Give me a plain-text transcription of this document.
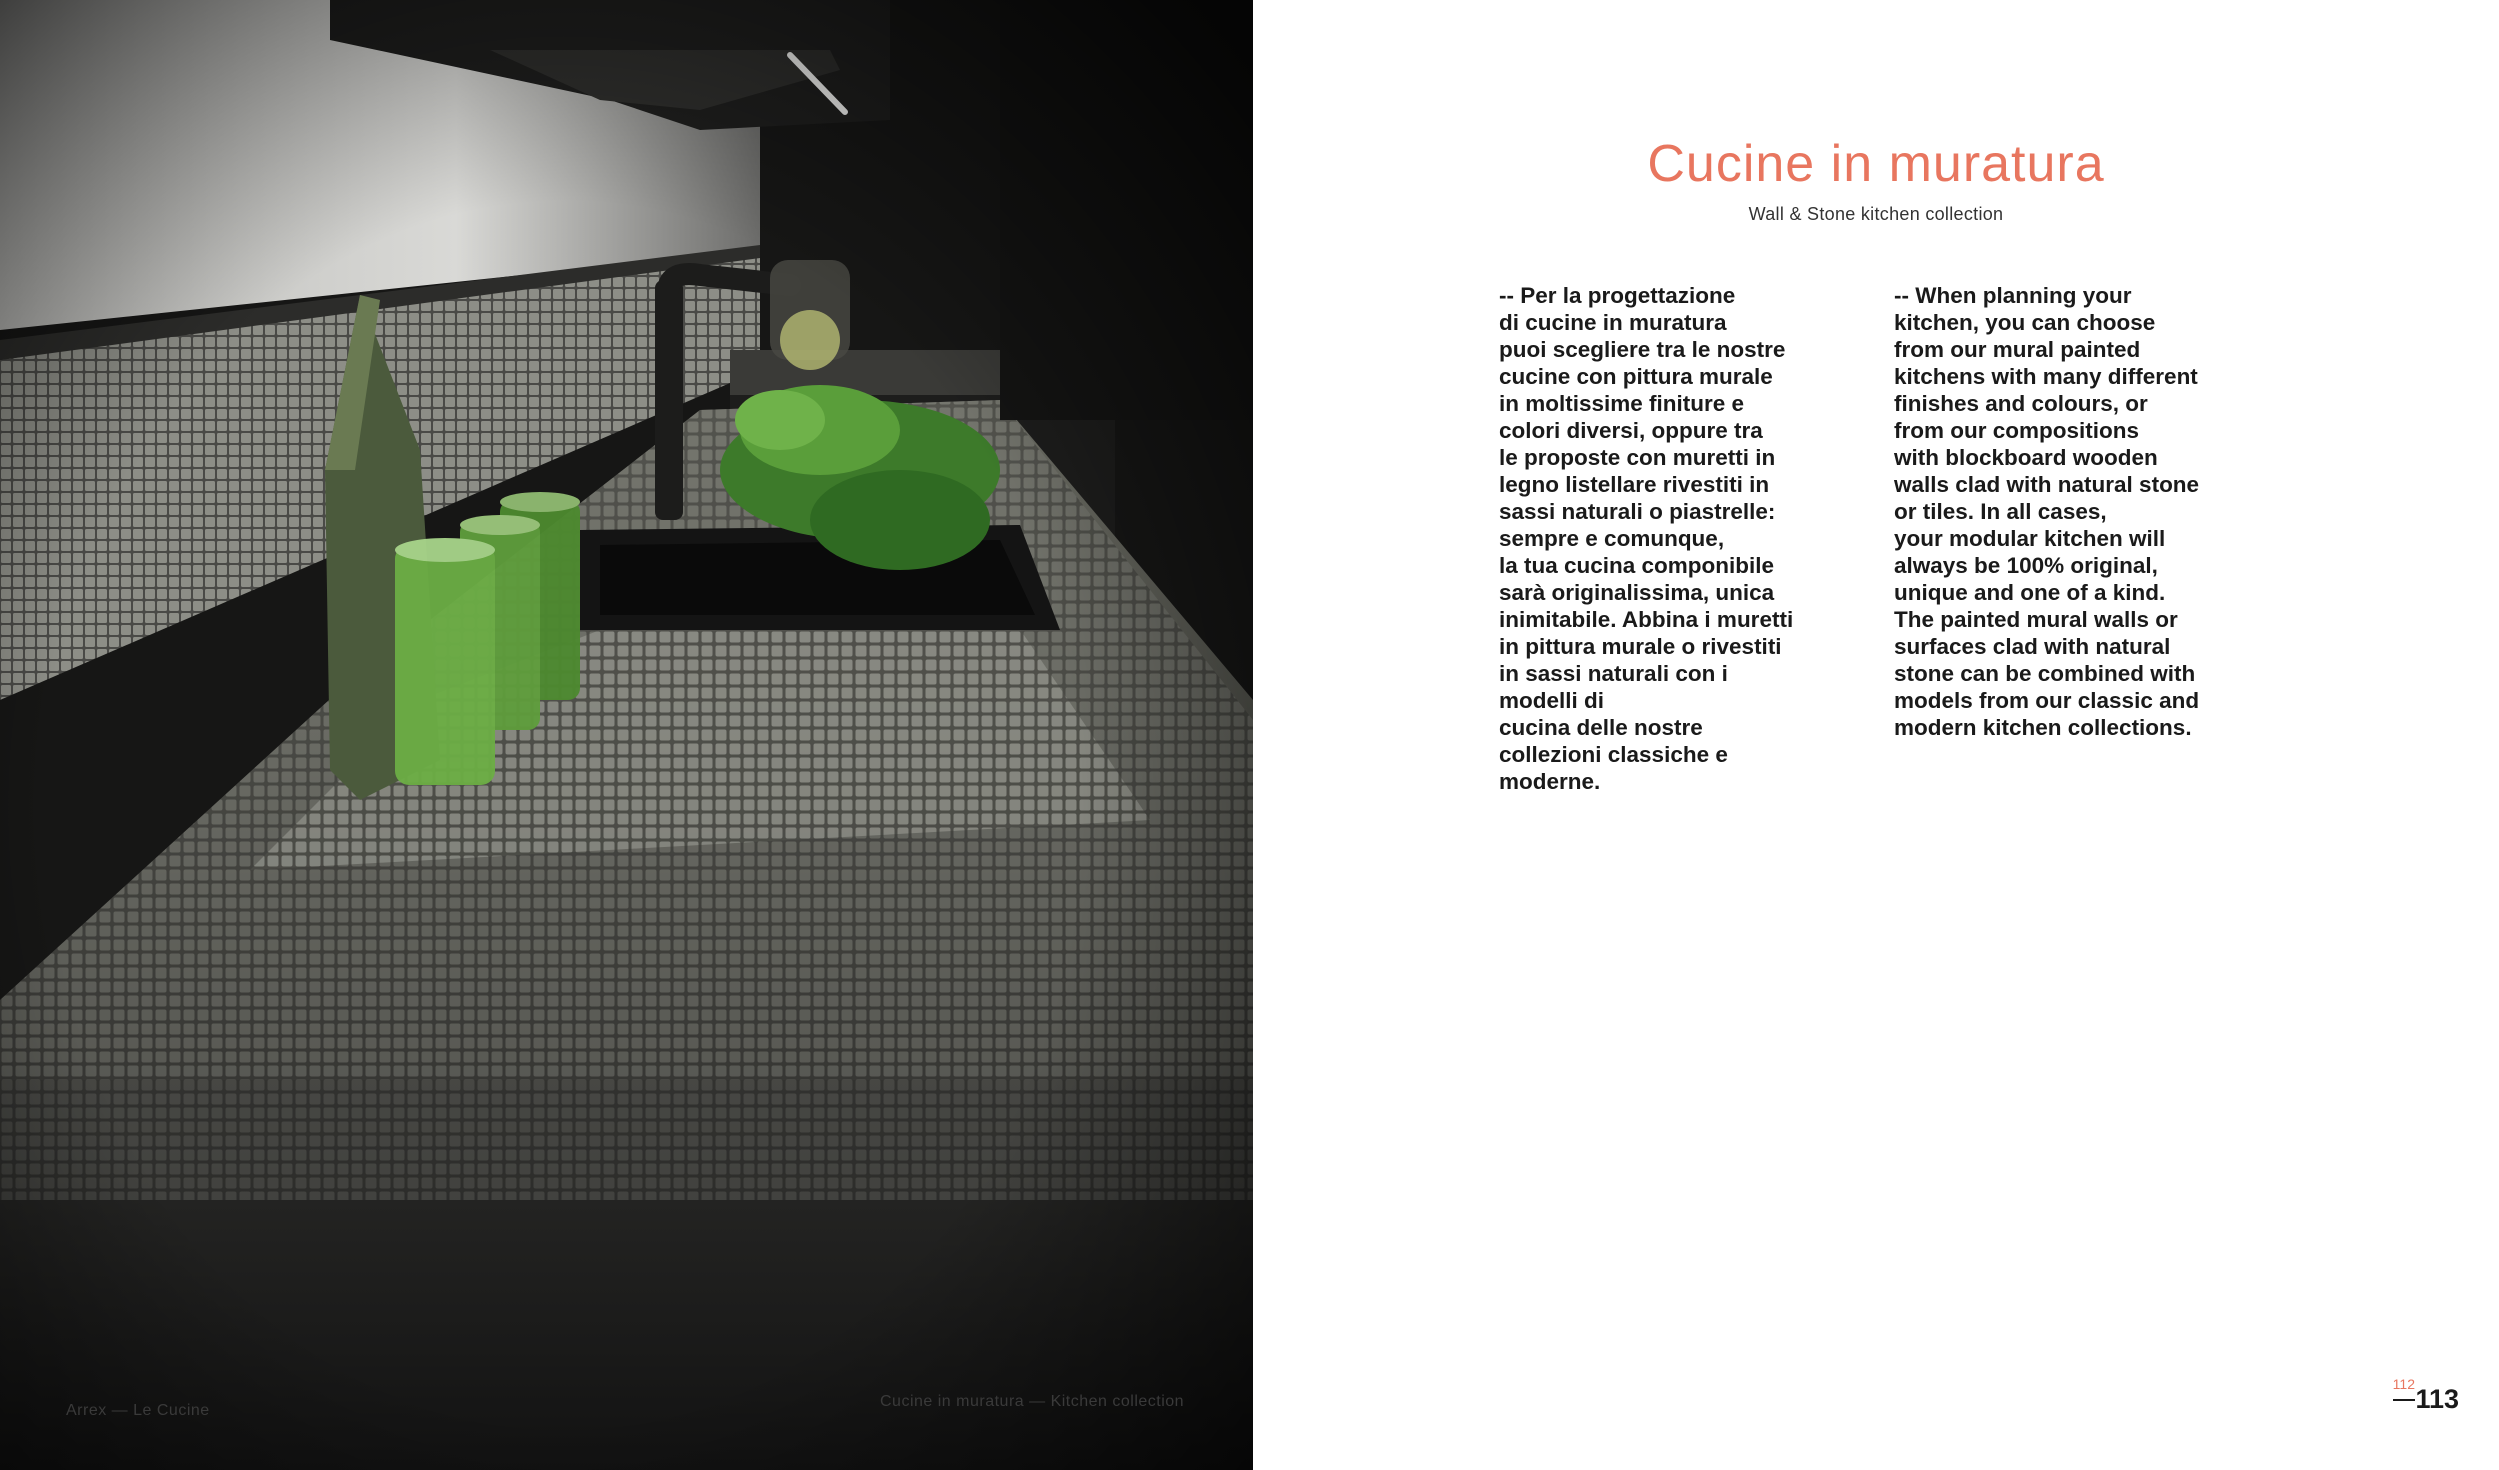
Arrex — Le Cucine
Cucine in muratura — Kitchen collection
Cucine in muratura
Wall & Stone kitchen collection
-- Per la progettazione
di cucine in muratura
puoi scegliere tra le nostre
cucine con pittura murale
in moltissime finiture e
colori diversi, oppure tra
le proposte con muretti in
legno listellare rivestiti in
sassi naturali o piastrelle:
sempre e comunque,
la tua cucina componibile
sarà originalissima, unica
inimitabile. Abbina i muretti
in pittura murale o rivestiti
in sassi naturali con i
modelli di
cucina delle nostre
collezioni classiche e
moderne.
-- When planning your
kitchen, you can choose
from our mural painted
kitchens with many different
finishes and colours, or
from our compositions
with blockboard wooden
walls clad with natural stone
or tiles. In all cases,
your modular kitchen will
always be 100% original,
unique and one of a kind.
The painted mural walls or
surfaces clad with natural
stone can be combined with
models from our classic and
modern kitchen collections.
112 113
